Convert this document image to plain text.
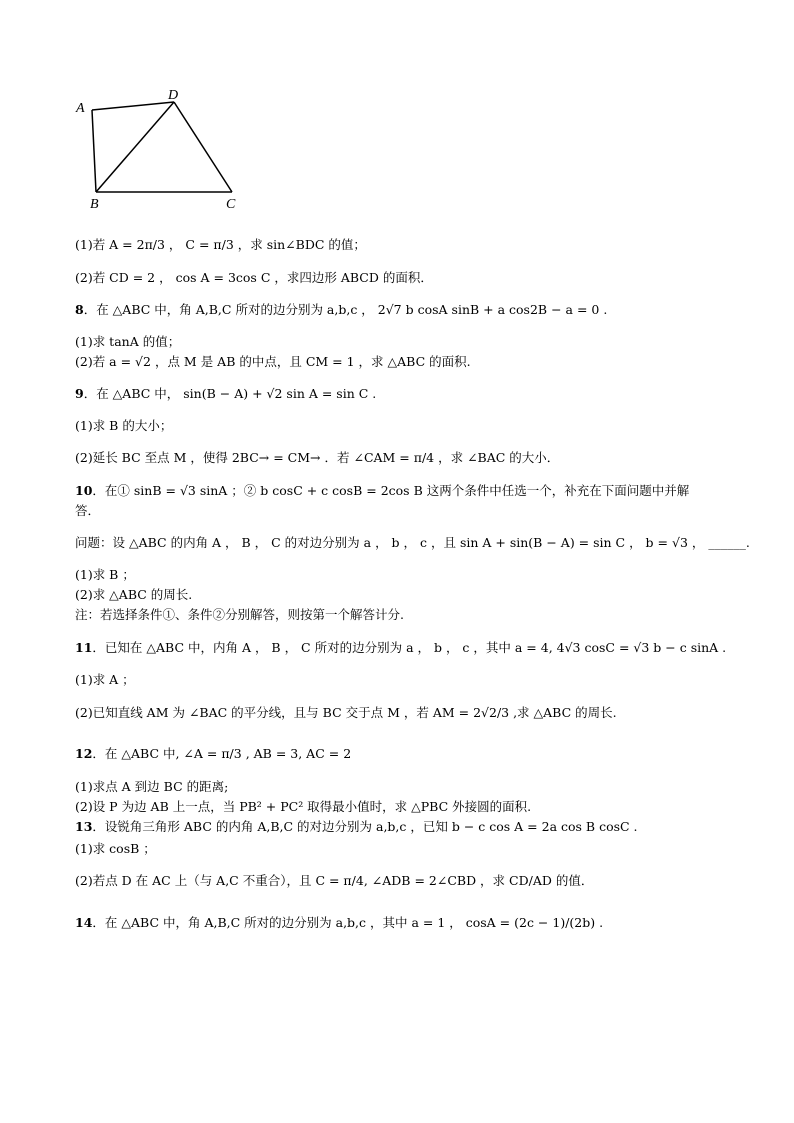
A
D
B	C
(1)若 A = 2π/3 ， C = π/3 ，求 sin∠BDC 的值；
(2)若 CD = 2 ， cos A = 3cos C ，求四边形 ABCD 的面积．
8．在 △ABC 中，角 A,B,C 所对的边分别为 a,b,c ， 2√7 b cosA sinB + a cos2B − a = 0 .
(1)求 tanA 的值；
(2)若 a = √2 ，点 M 是 AB 的中点，且 CM = 1 ，求 △ABC 的面积.
9．在 △ABC 中， sin(B − A) + √2 sin A = sin C .
(1)求 B 的大小；
(2)延长 BC 至点 M ，使得 2BC→ = CM→ ．若 ∠CAM = π/4 ，求 ∠BAC 的大小．
10．在① sinB = √3 sinA ；② b cosC + c cosB = 2cos B 这两个条件中任选一个，补充在下面问题中并解
答．
问题：设 △ABC 的内角 A ， B ， C 的对边分别为 a ， b ， c ，且 sin A + sin(B − A) = sin C ， b = √3 ， ______.
(1)求 B ；
(2)求 △ABC 的周长.
注：若选择条件①、条件②分别解答，则按第一个解答计分.
11．已知在 △ABC 中，内角 A ， B ， C 所对的边分别为 a ， b ， c ，其中 a = 4, 4√3 cosC = √3 b − c sinA .
(1)求 A ；
(2)已知直线 AM 为 ∠BAC 的平分线，且与 BC 交于点 M ，若 AM = 2√2/3 ,求 △ABC 的周长.
12．在 △ABC 中, ∠A = π/3 , AB = 3, AC = 2
(1)求点 A 到边 BC 的距离;
(2)设 P 为边 AB 上一点，当 PB² + PC² 取得最小值时，求 △PBC 外接圆的面积.
13．设锐角三角形 ABC 的内角 A,B,C 的对边分别为 a,b,c ，已知 b − c cos A = 2a cos B cosC .
(1)求 cosB ；
(2)若点 D 在 AC 上（与 A,C 不重合），且 C = π/4, ∠ADB = 2∠CBD ，求 CD/AD 的值．
14．在 △ABC 中，角 A,B,C 所对的边分别为 a,b,c ，其中 a = 1 ， cosA = (2c − 1)/(2b) .
